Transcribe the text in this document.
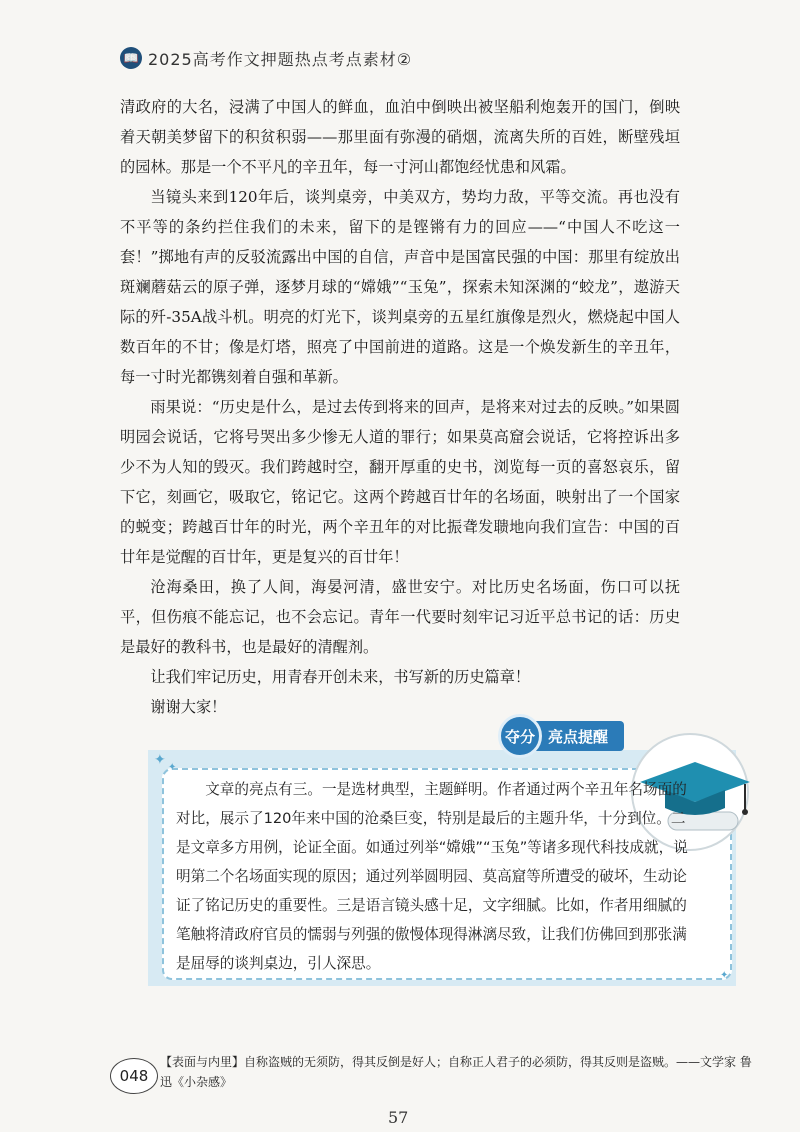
📖 2025高考作文押题热点考点素材②

清政府的大名，浸满了中国人的鲜血，血泊中倒映出被坚船利炮轰开的国门，倒映着天朝美梦留下的积贫积弱——那里面有弥漫的硝烟，流离失所的百姓，断壁残垣的园林。那是一个不平凡的辛丑年，每一寸河山都饱经忧患和风霜。

当镜头来到120年后，谈判桌旁，中美双方，势均力敌，平等交流。再也没有不平等的条约拦住我们的未来，留下的是铿锵有力的回应——“中国人不吃这一套！”掷地有声的反驳流露出中国的自信，声音中是国富民强的中国：那里有绽放出斑斓蘑菇云的原子弹，逐梦月球的“嫦娥”“玉兔”，探索未知深渊的“蛟龙”，遨游天际的歼-35A战斗机。明亮的灯光下，谈判桌旁的五星红旗像是烈火，燃烧起中国人数百年的不甘；像是灯塔，照亮了中国前进的道路。这是一个焕发新生的辛丑年，每一寸时光都镌刻着自强和革新。

雨果说：“历史是什么，是过去传到将来的回声，是将来对过去的反映。”如果圆明园会说话，它将号哭出多少惨无人道的罪行；如果莫高窟会说话，它将控诉出多少不为人知的毁灭。我们跨越时空，翻开厚重的史书，浏览每一页的喜怒哀乐，留下它，刻画它，吸取它，铭记它。这两个跨越百廿年的名场面，映射出了一个国家的蜕变；跨越百廿年的时光，两个辛丑年的对比振聋发聩地向我们宣告：中国的百廿年是觉醒的百廿年，更是复兴的百廿年！

沧海桑田，换了人间，海晏河清，盛世安宁。对比历史名场面，伤口可以抚平，但伤痕不能忘记，也不会忘记。青年一代要时刻牢记习近平总书记的话：历史是最好的教科书，也是最好的清醒剂。

让我们牢记历史，用青春开创未来，书写新的历史篇章！

谢谢大家！

✦ ✦
✦
夺分 亮点提醒

文章的亮点有三。一是选材典型，主题鲜明。作者通过两个辛丑年名场面的对比，展示了120年来中国的沧桑巨变，特别是最后的主题升华，十分到位。二是文章多方用例，论证全面。如通过列举“嫦娥”“玉兔”等诸多现代科技成就，说明第二个名场面实现的原因；通过列举圆明园、莫高窟等所遭受的破坏，生动论证了铭记历史的重要性。三是语言镜头感十足，文字细腻。比如，作者用细腻的笔触将清政府官员的懦弱与列强的傲慢体现得淋漓尽致，让我们仿佛回到那张满是屈辱的谈判桌边，引人深思。

048
【表面与内里】自称盗贼的无须防，得其反倒是好人；自称正人君子的必须防，得其反则是盗贼。——文学家 鲁迅《小杂感》
57
